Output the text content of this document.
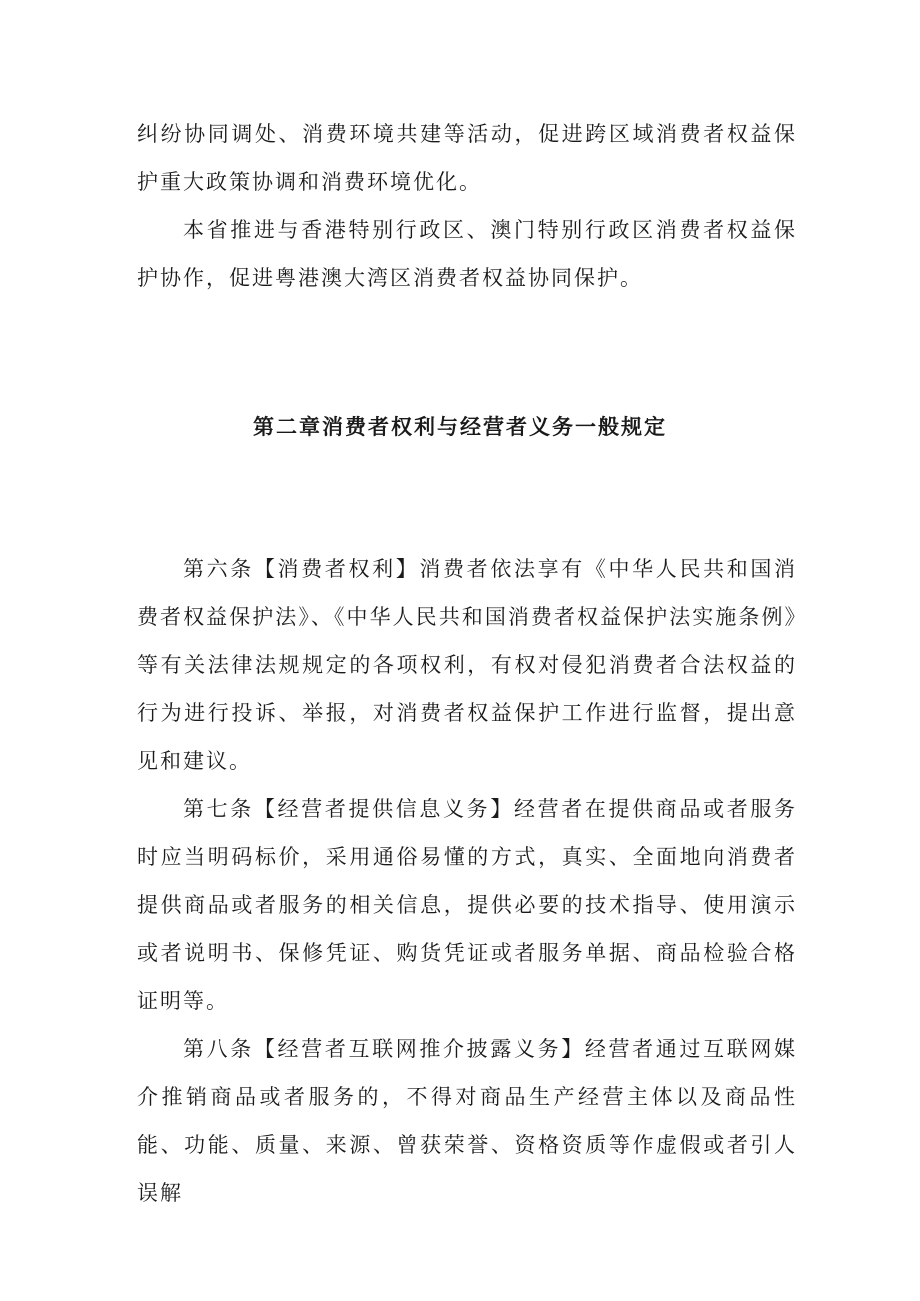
纠纷协同调处、消费环境共建等活动，促进跨区域消费者权益保护重大政策协调和消费环境优化。

本省推进与香港特别行政区、澳门特别行政区消费者权益保护协作，促进粤港澳大湾区消费者权益协同保护。

第二章消费者权利与经营者义务一般规定

第六条【消费者权利】消费者依法享有《中华人民共和国消费者权益保护法》、《中华人民共和国消费者权益保护法实施条例》等有关法律法规规定的各项权利，有权对侵犯消费者合法权益的行为进行投诉、举报，对消费者权益保护工作进行监督，提出意见和建议。

第七条【经营者提供信息义务】经营者在提供商品或者服务时应当明码标价，采用通俗易懂的方式，真实、全面地向消费者提供商品或者服务的相关信息，提供必要的技术指导、使用演示或者说明书、保修凭证、购货凭证或者服务单据、商品检验合格证明等。

第八条【经营者互联网推介披露义务】经营者通过互联网媒介推销商品或者服务的，不得对商品生产经营主体以及商品性能、功能、质量、来源、曾获荣誉、资格资质等作虚假或者引人误解
